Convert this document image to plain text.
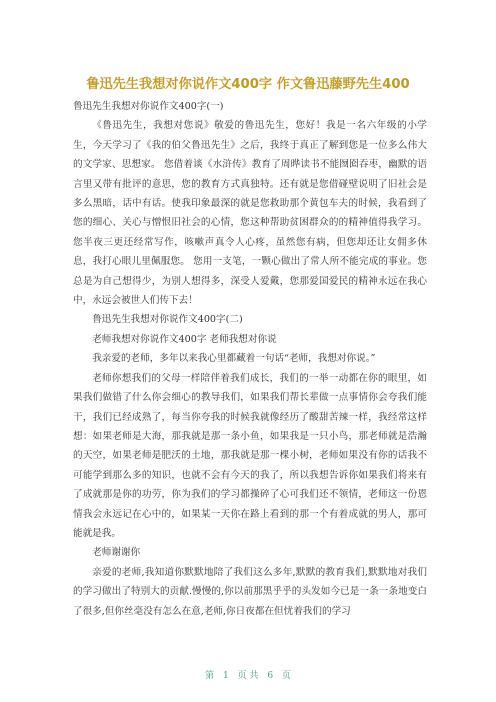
鲁迅先生我想对你说作文400字 作文鲁迅藤野先生400

鲁迅先生我想对你说作文400字(一)

《鲁迅先生，我想对您说》敬爱的鲁迅先生，您好！我是一名六年级的小学生，今天学习了《我的伯父鲁迅先生》之后，我终于真正了解到您是一位多么伟大的文学家、思想家。 您借着谈《水浒传》教育了周晔读书不能囫囵吞枣，幽默的语言里又带有批评的意思，您的教育方式真独特。还有就是您借碰壁说明了旧社会是多么黑暗，话中有话。使我印象最深的就是您救助那个黄包车夫的时候，我看到了您的细心、关心与憎恨旧社会的心情，您这种帮助贫困群众的的精神值得我学习。您半夜三更还经常写作，咳嗽声真令人心疼，虽然您有病，但您却还让女佣多休息，我打心眼儿里佩服您。 您用一支笔，一颗心做出了常人所不能完成的事业。您总是为自己想得少，为别人想得多，深受人爱戴，您那爱国爱民的精神永远在我心中，永远会被世人们传下去！

鲁迅先生我想对你说作文400字(二)

老师我想对你说作文400字 老师我想对你说

我亲爱的老师，多年以来我心里都藏着一句话“老师，我想对你说。”

老师你想我们的父母一样陪伴着我们成长，我们的一举一动都在你的眼里，如果我们做错了什么你会细心的教导我们，如果我们帮长辈做一点事情你会夸我们能干，我们已经成熟了，每当你夸我的时候我就像经历了酸甜苦辣一样，我经常这样想：如果老师是大海，那我就是那一条小鱼，如果我是一只小鸟，那老师就是浩瀚的天空，如果老师是肥沃的土地，那我就是那一棵小树，老师如果没有你的话我不可能学到那么多的知识，也就不会有今天的我了，所以我想告诉你如果我们将来有了成就那是你的功劳，你为我们的学习都操碎了心可我们还不领情，老师这一份恩情我会永远记在心中的，如果某一天你在路上看到的那一个有着成就的男人，那可能就是我。

老师谢谢你

亲爱的老师,我知道你默默地陪了我们这么多年,默默的教育我们,默默地对我们的学习做出了特别大的贡献.慢慢的,你以前那黑乎乎的头发如今已是一条一条地变白了很多,但你丝毫没有怎么在意,老师,你日夜都在但忧着我们的学习

第 1 页 共 6 页
